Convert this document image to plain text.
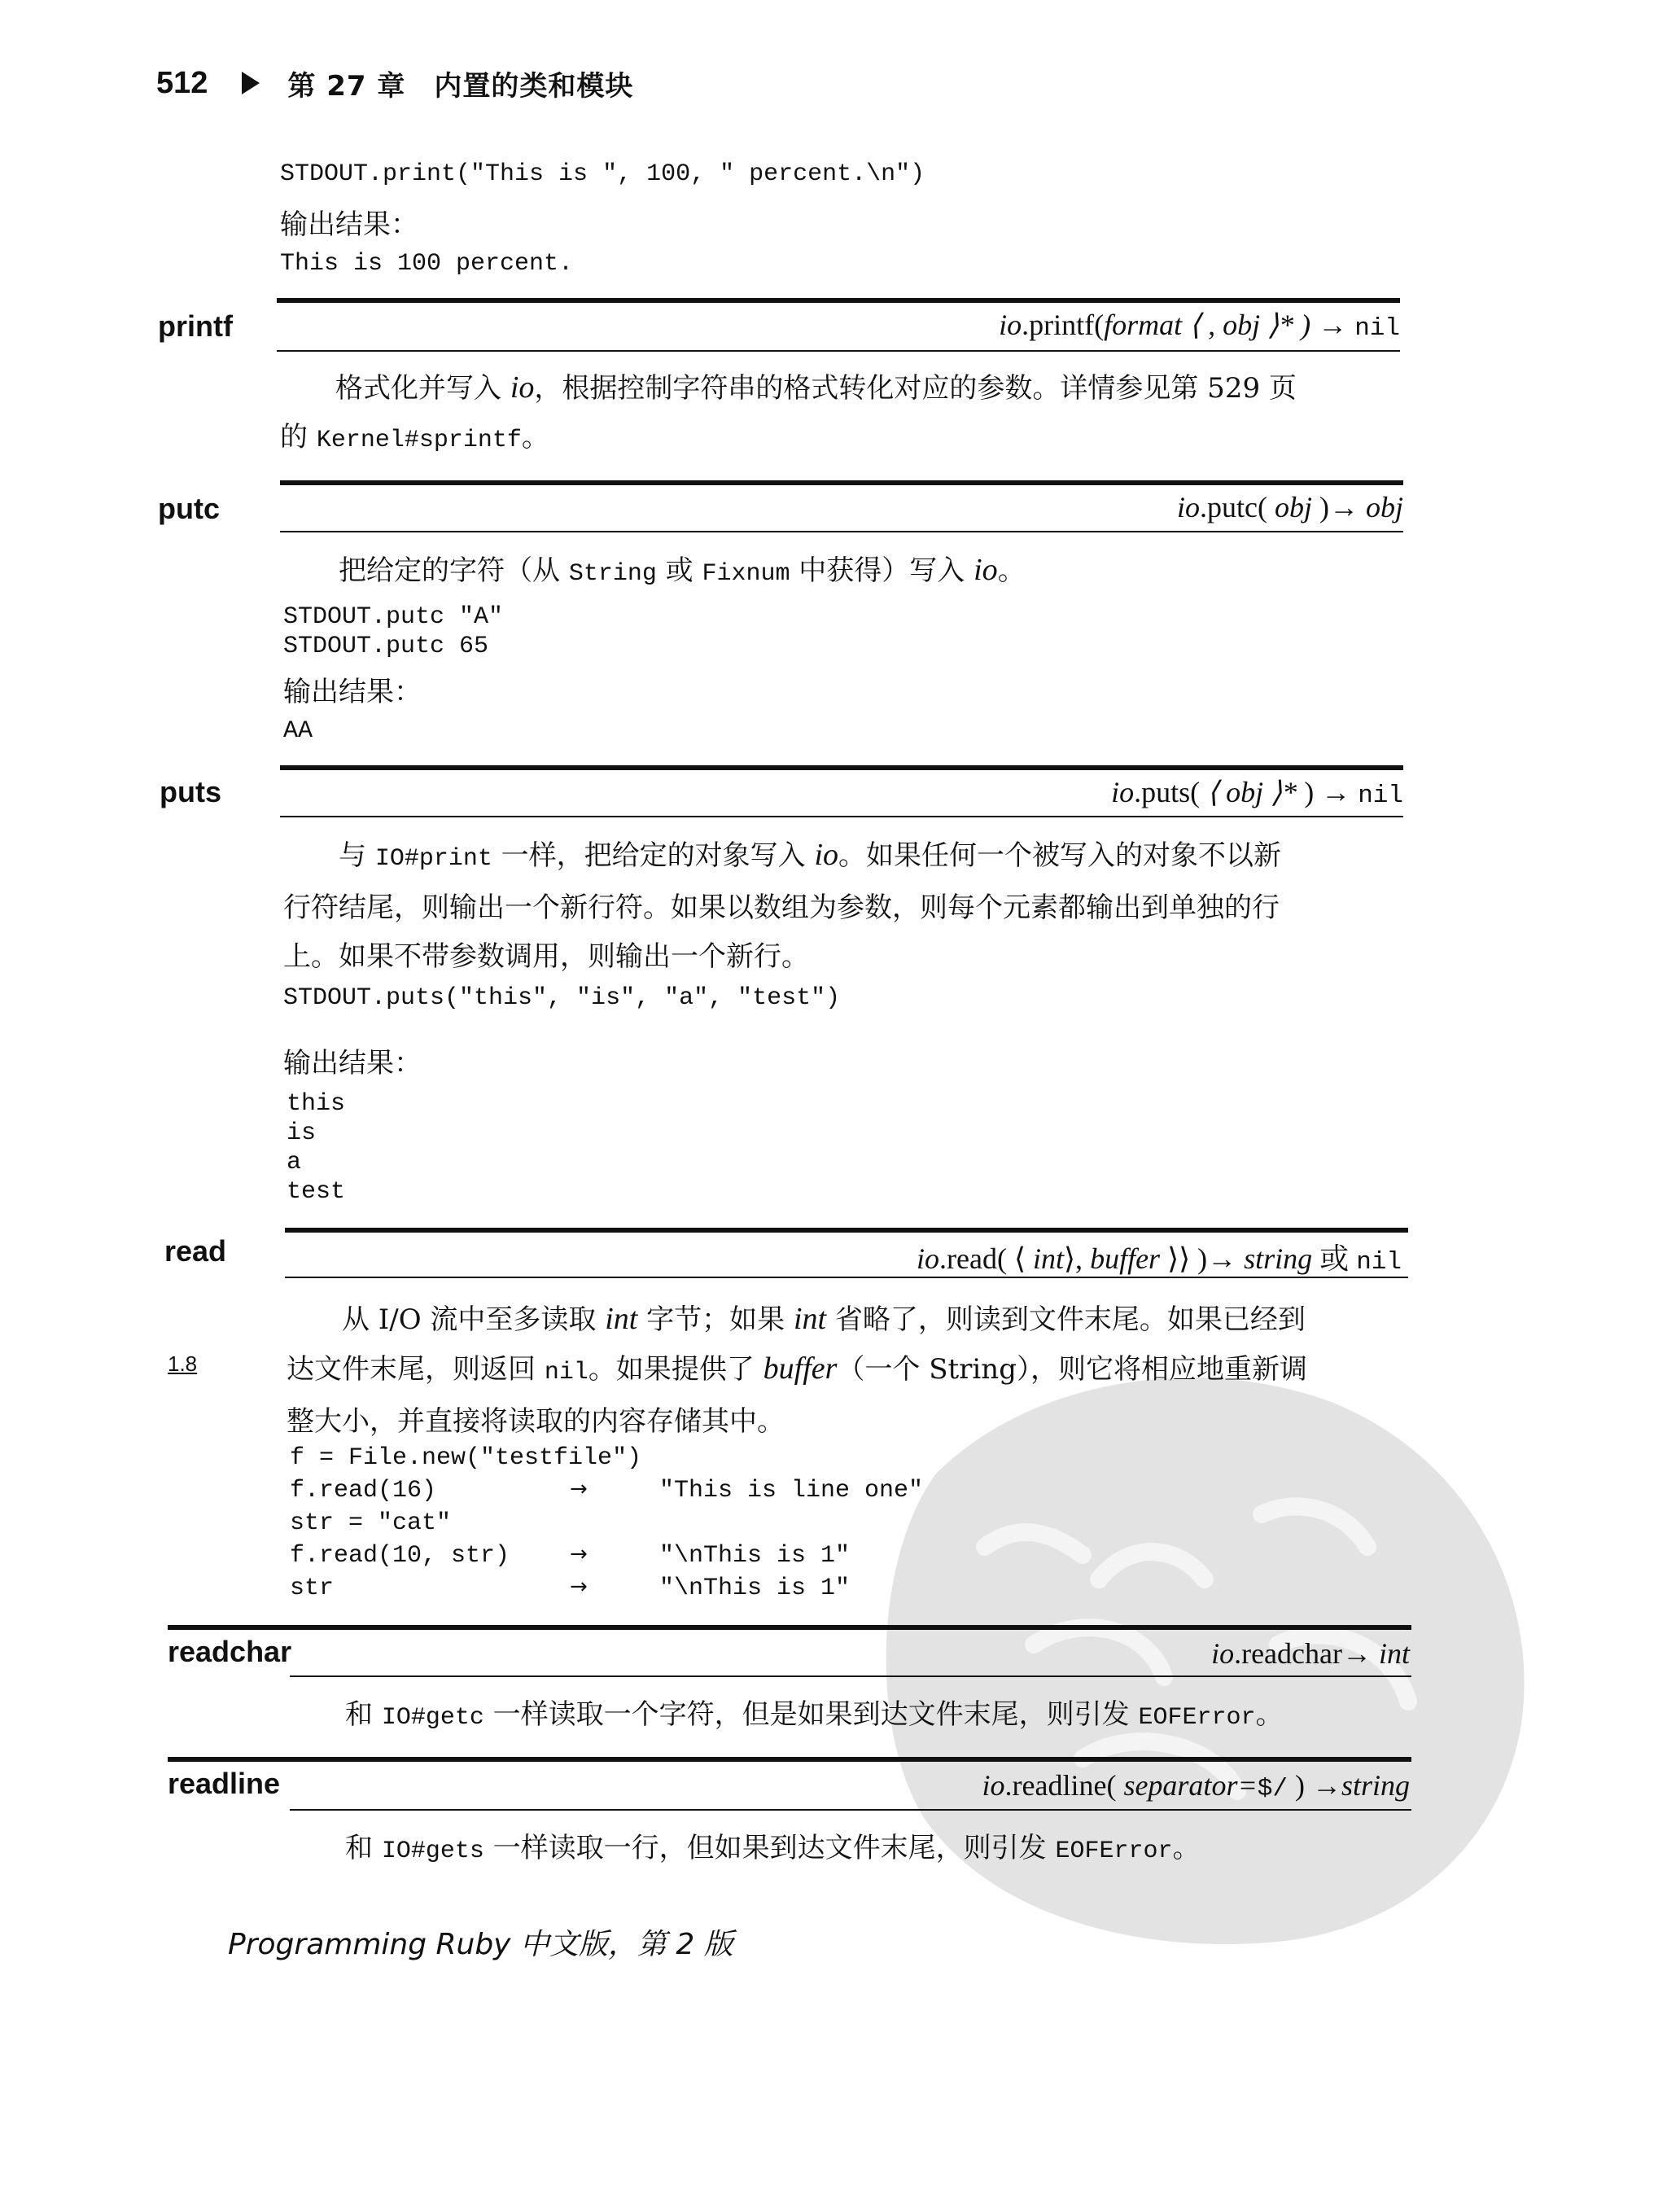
512	第 27 章　内置的类和模块
STDOUT.print("This is ", 100, " percent.\n")
输出结果：
This is 100 percent.
printf	io.printf(format ⟨ , obj ⟩* ) → nil
　　格式化并写入 io，根据控制字符串的格式转化对应的参数。详情参见第 529 页
的 Kernel#sprintf。
putc	io.putc( obj )→ obj
　　把给定的字符（从 String 或 Fixnum 中获得）写入 io。
STDOUT.putc "A"
STDOUT.putc 65
输出结果：
AA
puts	io.puts( ⟨ obj ⟩* ) → nil
　　与 IO#print 一样，把给定的对象写入 io。如果任何一个被写入的对象不以新
行符结尾，则输出一个新行符。如果以数组为参数，则每个元素都输出到单独的行
上。如果不带参数调用，则输出一个新行。
STDOUT.puts("this", "is", "a", "test")
输出结果：
this
is
a
test
read	io.read( ⟨ int⟩, buffer ⟩⟩ )→ string 或 nil
1.8
　　从 I/O 流中至多读取 int 字节；如果 int 省略了，则读到文件末尾。如果已经到
达文件末尾，则返回 nil。如果提供了 buffer（一个 String），则它将相应地重新调
整大小，并直接将读取的内容存储其中。
f = File.new("testfile")
f.read(16)	→	"This is line one"
str = "cat"
f.read(10, str)	→	"\nThis is 1"
str	→	"\nThis is 1"
readchar	io.readchar→ int
　　和 IO#getc 一样读取一个字符，但是如果到达文件末尾，则引发 EOFError。
readline	io.readline( separator=$/ ) →string
　　和 IO#gets 一样读取一行，但如果到达文件末尾，则引发 EOFError。
Programming Ruby 中文版，第 2 版
